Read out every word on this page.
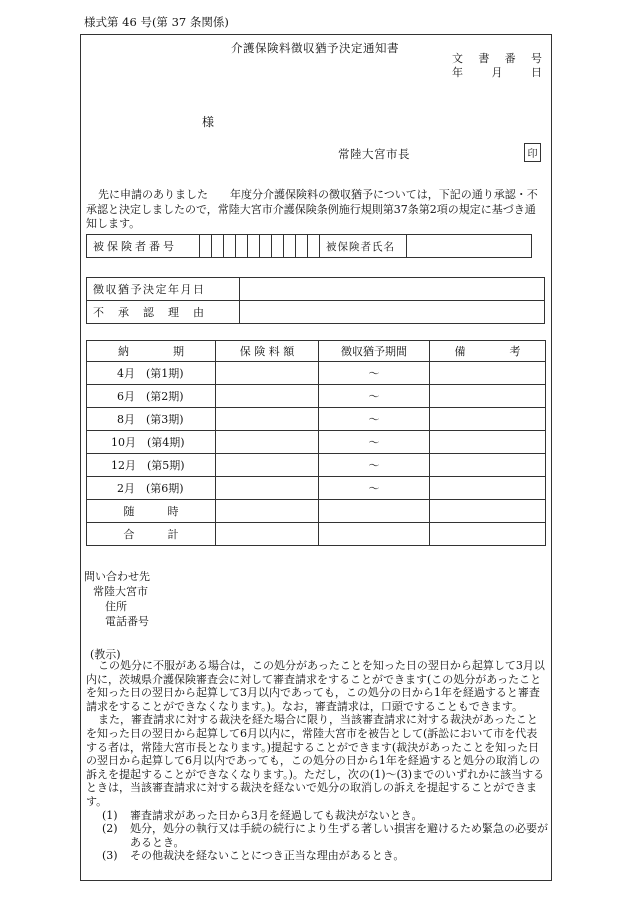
様式第 46 号(第 37 条関係)
介護保険料徴収猶予決定通知書
文 書 番 号
年	月	日
様
常陸大宮市長	印
先に申請のありました　　年度分介護保険料の徴収猶予については，下記の通り承認・不承認と決定しましたので，常陸大宮市介護保険条例施行規則第37条第2項の規定に基づき通知します。
被保険者番号											被保険者氏名	
徴収猶予決定年月日	
不承認理由	
納　　　　期	保 険 料 額	徴収猶予期間	備　　　　考
4月　(第1期)		～	
6月　(第2期)		～	
8月　(第3期)		～	
10月　(第4期)		～	
12月　(第5期)		～	
2月　(第6期)		～	
随　　　時			
合　　　計			
問い合わせ先
常陸大宮市
住所
電話番号
(教示)

この処分に不服がある場合は，この処分があったことを知った日の翌日から起算して3月以内に，茨城県介護保険審査会に対して審査請求をすることができます(この処分があったことを知った日の翌日から起算して3月以内であっても，この処分の日から1年を経過すると審査請求をすることができなくなります。)。なお，審査請求は，口頭ですることもできます。

また，審査請求に対する裁決を経た場合に限り，当該審査請求に対する裁決があったことを知った日の翌日から起算して6月以内に，常陸大宮市を被告として(訴訟において市を代表する者は，常陸大宮市長となります。)提起することができます(裁決があったことを知った日の翌日から起算して6月以内であっても，この処分の日から1年を経過すると処分の取消しの訴えを提起することができなくなります。)。ただし，次の(1)～(3)までのいずれかに該当するときは，当該審査請求に対する裁決を経ないで処分の取消しの訴えを提起することができます。

(1)	審査請求があった日から3月を経過しても裁決がないとき。
(2)	処分，処分の執行又は手続の続行により生ずる著しい損害を避けるため緊急の必要があるとき。
(3)	その他裁決を経ないことにつき正当な理由があるとき。
